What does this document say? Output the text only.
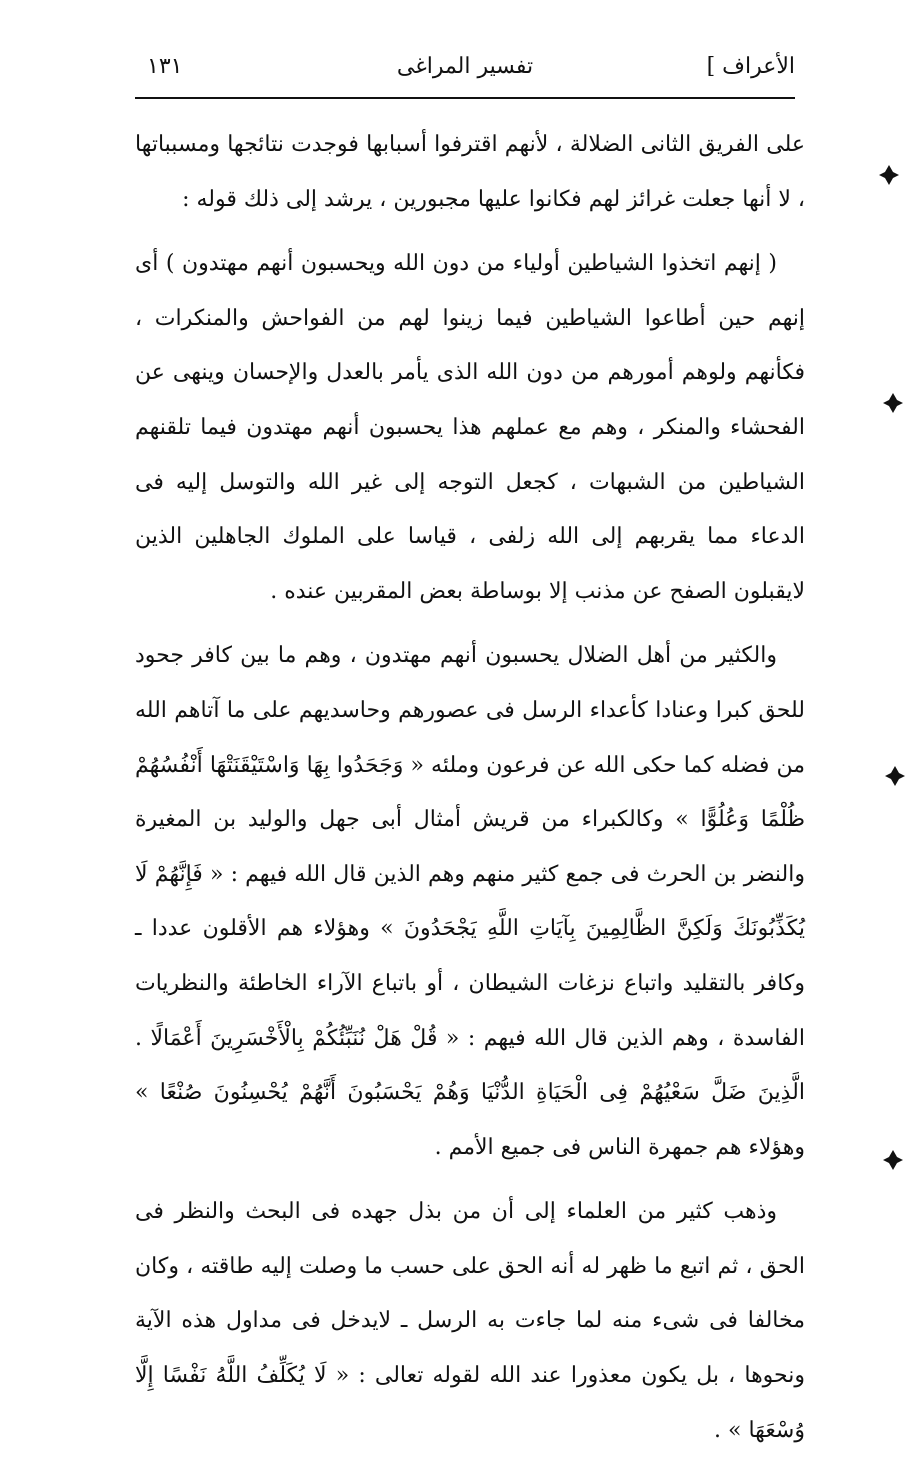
الأعراف ]
تفسير المراغى
١٣١

على الفريق الثانى الضلالة ، لأنهم اقترفوا أسبابها فوجدت نتائجها ومسبباتها ، لا أنها جعلت غرائز لهم فكانوا عليها مجبورين ، يرشد إلى ذلك قوله :

( إنهم اتخذوا الشياطين أولياء من دون الله ويحسبون أنهم مهتدون ) أى إنهم حين أطاعوا الشياطين فيما زينوا لهم من الفواحش والمنكرات ، فكأنهم ولوهم أمورهم من دون الله الذى يأمر بالعدل والإحسان وينهى عن الفحشاء والمنكر ، وهم مع عملهم هذا يحسبون أنهم مهتدون فيما تلقنهم الشياطين من الشبهات ، كجعل التوجه إلى غير الله والتوسل إليه فى الدعاء مما يقربهم إلى الله زلفى ، قياسا على الملوك الجاهلين الذين لايقبلون الصفح عن مذنب إلا بوساطة بعض المقربين عنده .

والكثير من أهل الضلال يحسبون أنهم مهتدون ، وهم ما بين كافر جحود للحق كبرا وعنادا كأعداء الرسل فى عصورهم وحاسديهم على ما آتاهم الله من فضله كما حكى الله عن فرعون وملئه « وَجَحَدُوا بِهَا وَاسْتَيْقَنَتْهَا أَنْفُسُهُمْ ظُلْمًا وَعُلُوًّا » وكالكبراء من قريش أمثال أبى جهل والوليد بن المغيرة والنضر بن الحرث فى جمع كثير منهم وهم الذين قال الله فيهم : « فَإِنَّهُمْ لَا يُكَذِّبُونَكَ وَلَكِنَّ الظَّالِمِينَ بِآيَاتِ اللَّهِ يَجْحَدُونَ » وهؤلاء هم الأقلون عددا ـ وكافر بالتقليد واتباع نزغات الشيطان ، أو باتباع الآراء الخاطئة والنظريات الفاسدة ، وهم الذين قال الله فيهم : « قُلْ هَلْ نُنَبِّئُكُمْ بِالْأَخْسَرِينَ أَعْمَالًا . الَّذِينَ ضَلَّ سَعْيُهُمْ فِى الْحَيَاةِ الدُّنْيَا وَهُمْ يَحْسَبُونَ أَنَّهُمْ يُحْسِنُونَ صُنْعًا » وهؤلاء هم جمهرة الناس فى جميع الأمم .

وذهب كثير من العلماء إلى أن من بذل جهده فى البحث والنظر فى الحق ، ثم اتبع ما ظهر له أنه الحق على حسب ما وصلت إليه طاقته ، وكان مخالفا فى شىء منه لما جاءت به الرسل ـ لايدخل فى مداول هذه الآية ونحوها ، بل يكون معذورا عند الله لقوله تعالى : « لَا يُكَلِّفُ اللَّهُ نَفْسًا إِلَّا وُسْعَهَا » .
